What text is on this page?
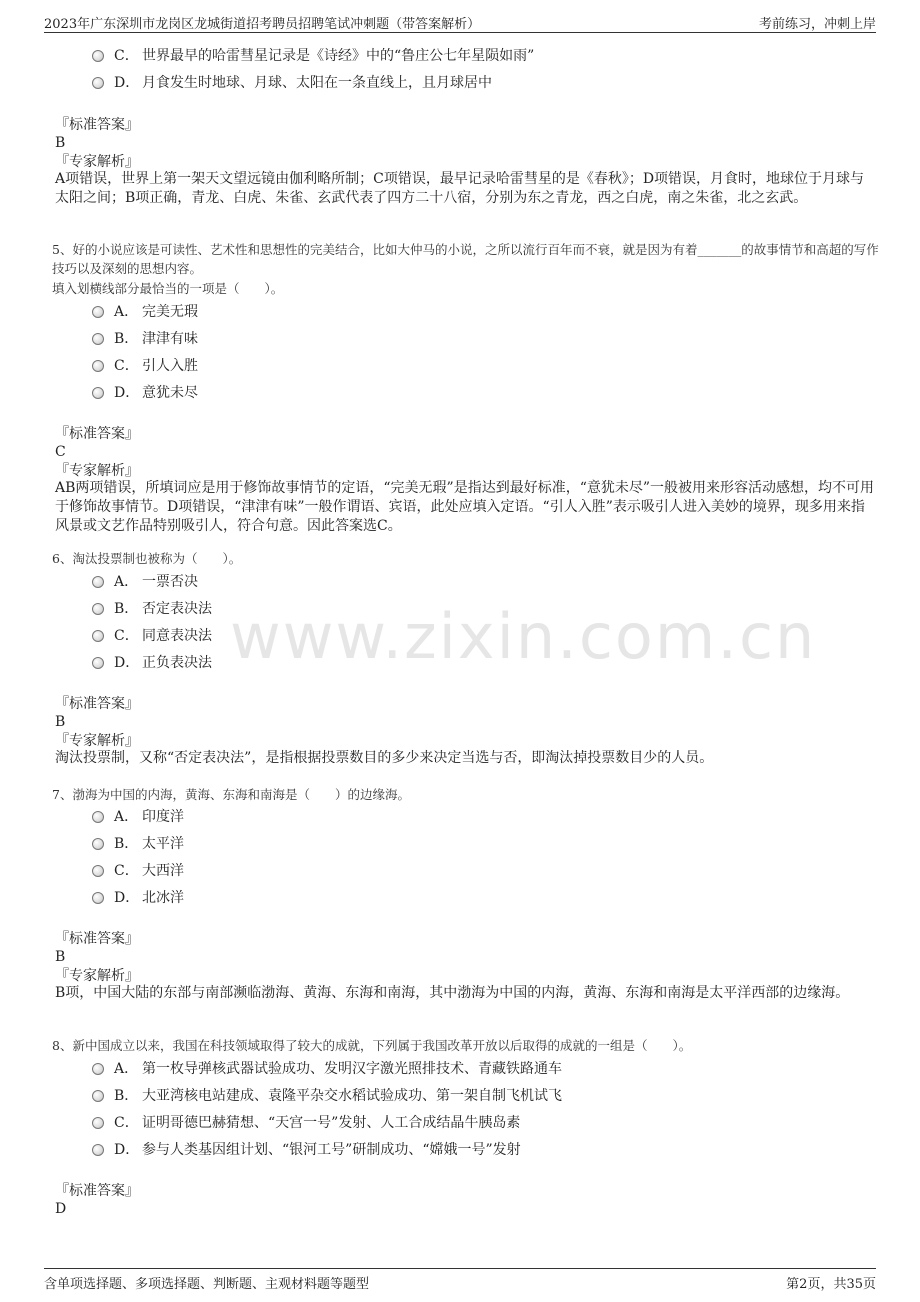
2023年广东深圳市龙岗区龙城街道招考聘员招聘笔试冲刺题（带答案解析）	考前练习，冲刺上岸
www.zixin.com.cn
C． 世界最早的哈雷彗星记录是《诗经》中的“鲁庄公七年星陨如雨”
D． 月食发生时地球、月球、太阳在一条直线上，且月球居中
『标准答案』
B
『专家解析』
A项错误，世界上第一架天文望远镜由伽利略所制；C项错误，最早记录哈雷彗星的是《春秋》；D项错误，月食时，地球位于月球与太阳之间；B项正确，青龙、白虎、朱雀、玄武代表了四方二十八宿，分别为东之青龙，西之白虎，南之朱雀，北之玄武。
5、好的小说应该是可读性、艺术性和思想性的完美结合，比如大仲马的小说，之所以流行百年而不衰，就是因为有着_______的故事情节和高超的写作技巧以及深刻的思想内容。
填入划横线部分最恰当的一项是（　　）。
A． 完美无瑕
B． 津津有味
C． 引人入胜
D． 意犹未尽
『标准答案』
C
『专家解析』
AB两项错误，所填词应是用于修饰故事情节的定语，“完美无瑕”是指达到最好标准，“意犹未尽”一般被用来形容活动感想，均不可用于修饰故事情节。D项错误，“津津有味”一般作谓语、宾语，此处应填入定语。“引人入胜”表示吸引人进入美妙的境界，现多用来指风景或文艺作品特别吸引人，符合句意。因此答案选C。
6、淘汰投票制也被称为（　　）。
A． 一票否决
B． 否定表决法
C． 同意表决法
D． 正负表决法
『标准答案』
B
『专家解析』
淘汰投票制，又称“否定表决法”，是指根据投票数目的多少来决定当选与否，即淘汰掉投票数目少的人员。
7、渤海为中国的内海，黄海、东海和南海是（　　）的边缘海。
A． 印度洋
B． 太平洋
C． 大西洋
D． 北冰洋
『标准答案』
B
『专家解析』
B项，中国大陆的东部与南部濒临渤海、黄海、东海和南海，其中渤海为中国的内海，黄海、东海和南海是太平洋西部的边缘海。
8、新中国成立以来，我国在科技领域取得了较大的成就，下列属于我国改革开放以后取得的成就的一组是（　　）。
A． 第一枚导弹核武器试验成功、发明汉字激光照排技术、青藏铁路通车
B． 大亚湾核电站建成、袁隆平杂交水稻试验成功、第一架自制飞机试飞
C． 证明哥德巴赫猜想、“天宫一号”发射、人工合成结晶牛胰岛素
D． 参与人类基因组计划、“银河工号”研制成功、“嫦娥一号”发射
『标准答案』
D
含单项选择题、多项选择题、判断题、主观材料题等题型	第2页，共35页
